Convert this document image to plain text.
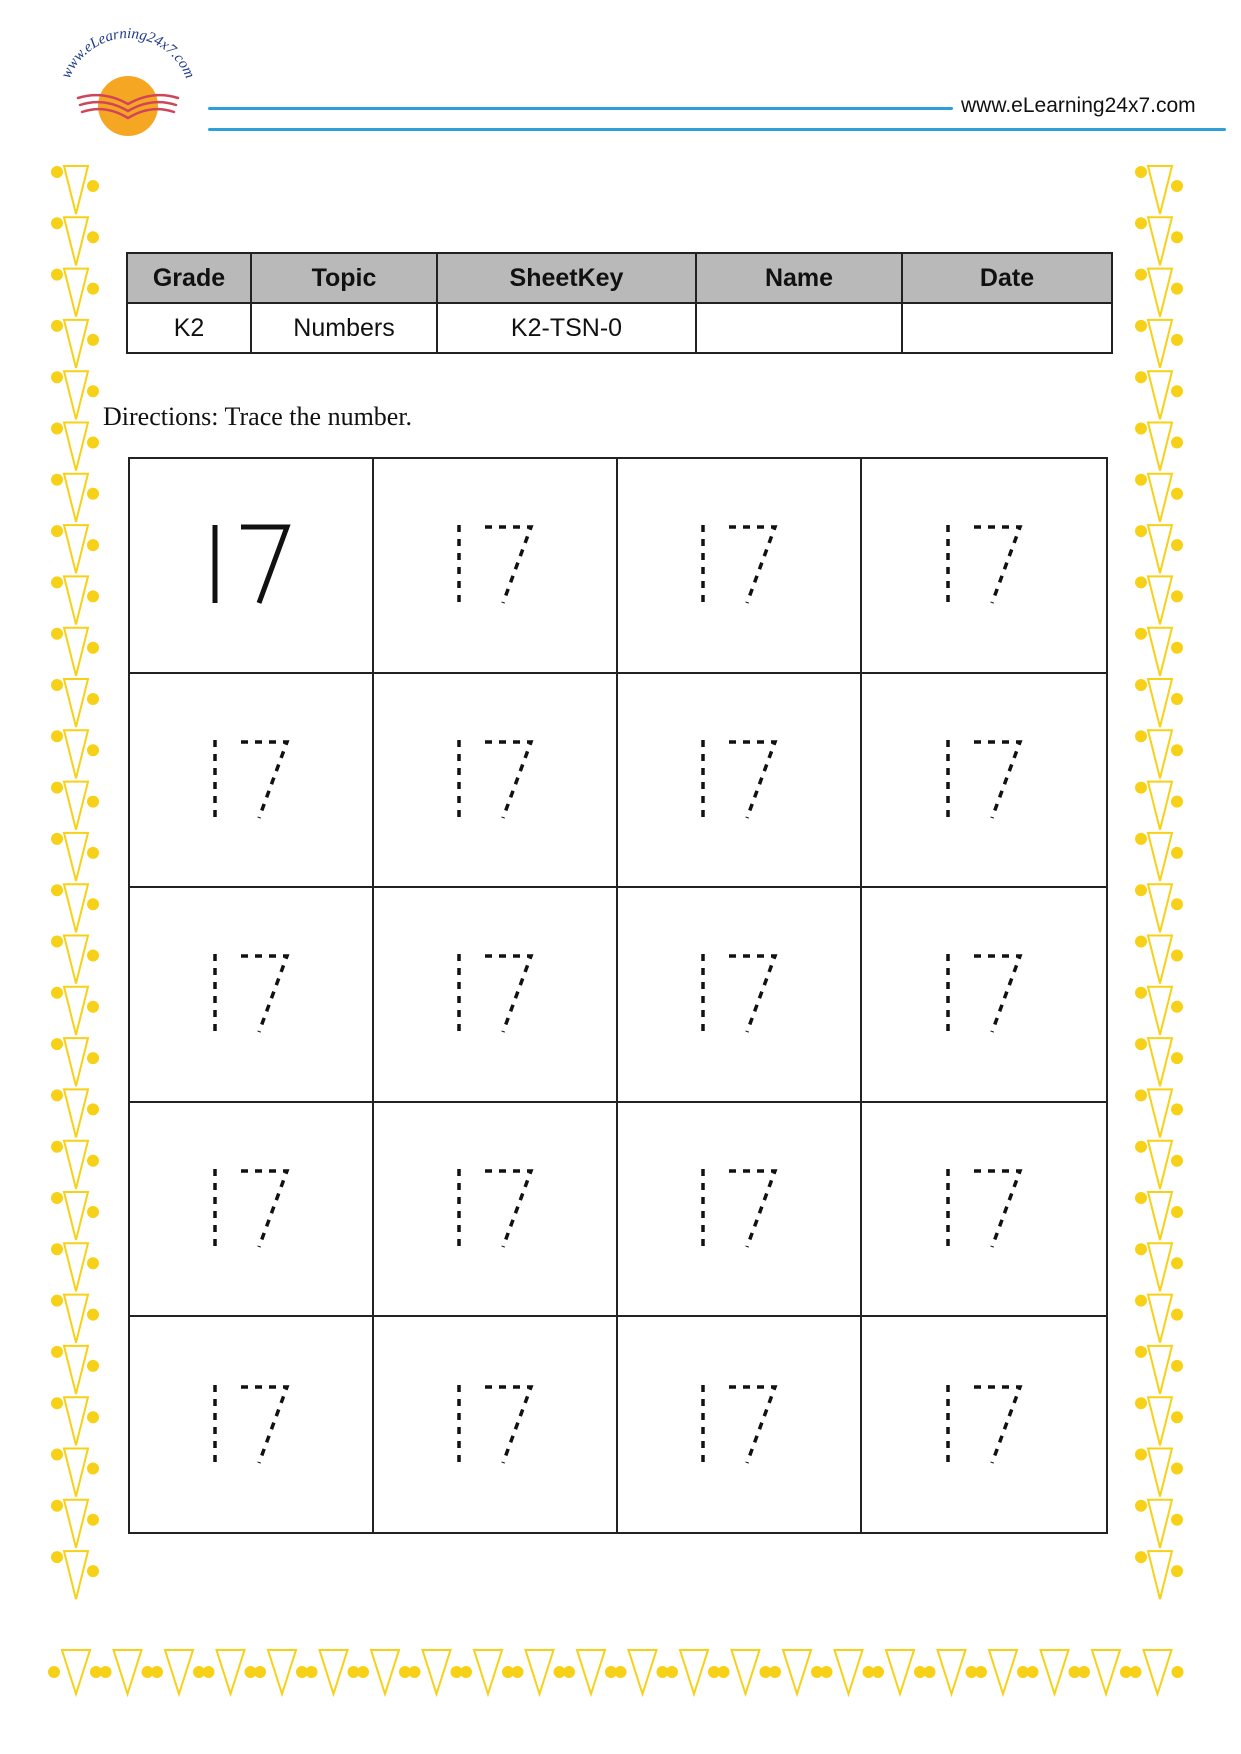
www.eLearning24x7.com
www.eLearning24x7.com
Grade	Topic	SheetKey	Name	Date
K2	Numbers	K2-TSN-0		
Directions: Trace the number.
